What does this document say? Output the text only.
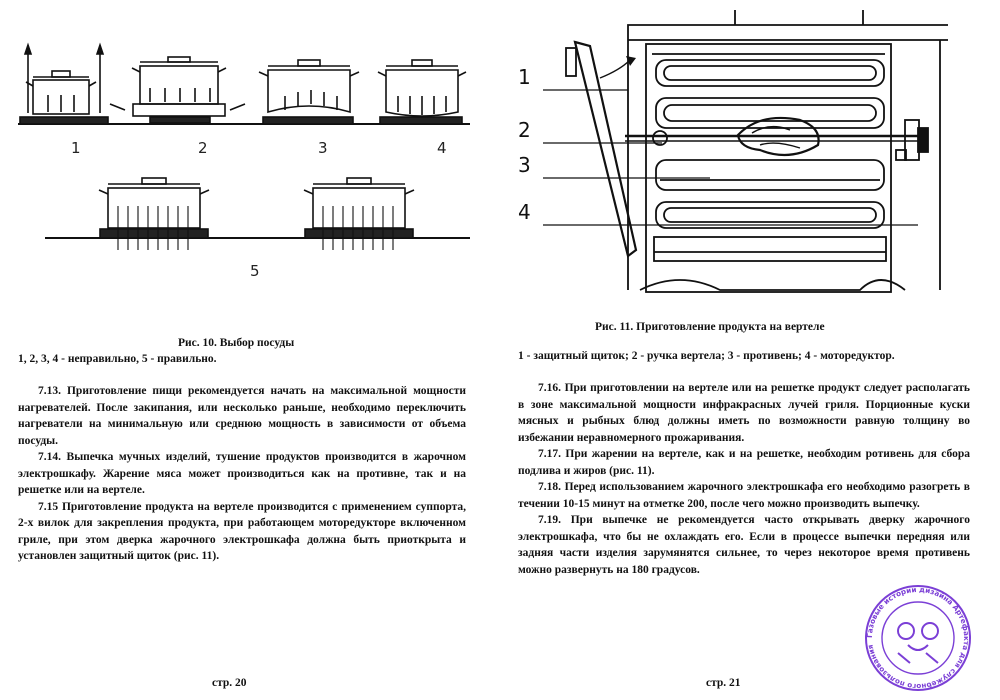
1	2	3	4
5
Рис. 10. Выбор посуды
1, 2, 3, 4 - неправильно, 5 - правильно.

7.13. Приготовление пищи рекомендуется начать на максимальной мощности нагревателей. После закипания, или несколько раньше, необходимо переключить нагреватели на минимальную или среднюю мощность в зависимости от объема посуды.

7.14. Выпечка мучных изделий, тушение продуктов производится в жарочном электрошкафу. Жарение мяса может производиться как на противне, так и на решетке или на вертеле.

7.15 Приготовление продукта на вертеле производится с применением суппорта, 2-х вилок для закрепления продукта, при работающем моторедукторе включенном гриле, при этом дверка жарочного электрошкафа должна быть приоткрыта и установлен защитный щиток (рис. 11).

стр. 20
1
2
3
4
Рис. 11. Приготовление продукта на вертеле
1 - защитный щиток; 2 - ручка вертела; 3 - противень; 4 - моторедуктор.

7.16. При приготовлении на вертеле или на решетке продукт следует располагать в зоне максимальной мощности инфракрасных лучей гриля. Порционные куски мясных и рыбных блюд должны иметь по возможности равную толщину во избежании неравномерного прожаривания.

7.17. При жарении на вертеле, как и на решетке, необходим ротивень для сбора подлива и жиров (рис. 11).

7.18. Перед использованием жарочного электрошкафа его необходимо разогреть в течении 10-15 минут на отметке 200, после чего можно производить выпечку.

7.19. При выпечке не рекомендуется часто открывать дверку жарочного электрошкафа, что бы не охлаждать его. Если в процессе выпечки передняя или задняя части изделия зарумянятся сильнее, то через некоторое время противень можно развернуть на 180 градусов.

стр. 21
Газовые истории дизайна Артефакта для служебного пользования
